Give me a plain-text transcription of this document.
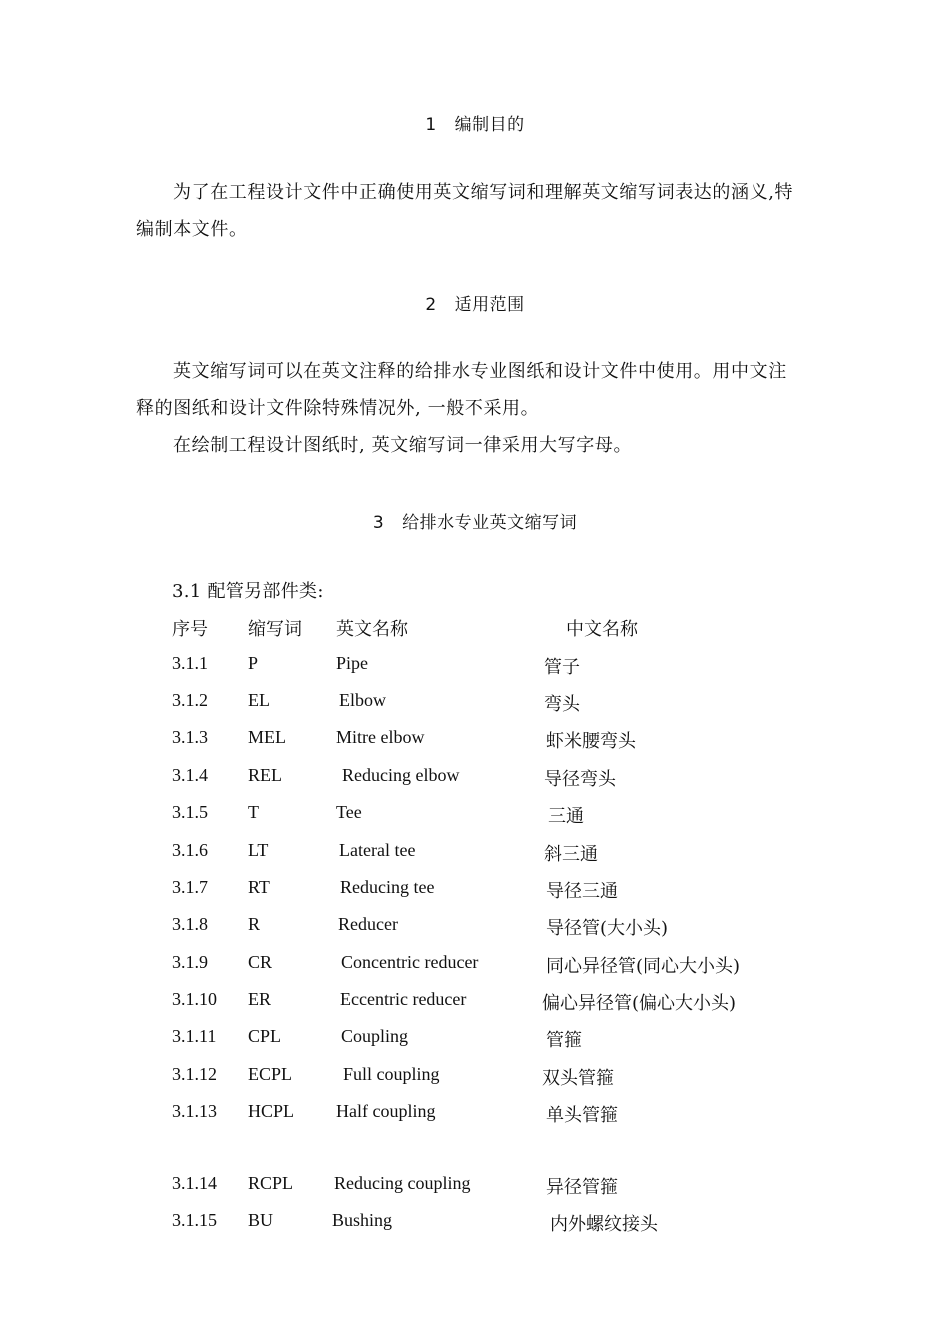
1 编制目的
为了在工程设计文件中正确使用英文缩写词和理解英文缩写词表达的涵义,特编制本文件。
2 适用范围
英文缩写词可以在英文注释的给排水专业图纸和设计文件中使用。用中文注释的图纸和设计文件除特殊情况外, 一般不采用。
在绘制工程设计图纸时, 英文缩写词一律采用大写字母。
3 给排水专业英文缩写词
3.1 配管另部件类:
序号 缩写词 英文名称	中文名称
3.1.1 P	Pipe	管子
3.1.2 EL	Elbow	弯头
3.1.3 MEL	Mitre elbow	虾米腰弯头
3.1.4 REL	Reducing elbow	导径弯头
3.1.5 T	Tee	三通
3.1.6 LT	Lateral tee	斜三通
3.1.7 RT	Reducing tee	导径三通
3.1.8 R	Reducer	导径管(大小头)
3.1.9 CR	Concentric reducer	同心异径管(同心大小头)
3.1.10 ER	Eccentric reducer	偏心异径管(偏心大小头)
3.1.11 CPL	Coupling	管箍
3.1.12 ECPL	Full coupling	双头管箍
3.1.13 HCPL Half coupling	单头管箍
3.1.14 RCPL Reducing coupling	异径管箍
3.1.15 BU	Bushing	内外螺纹接头
